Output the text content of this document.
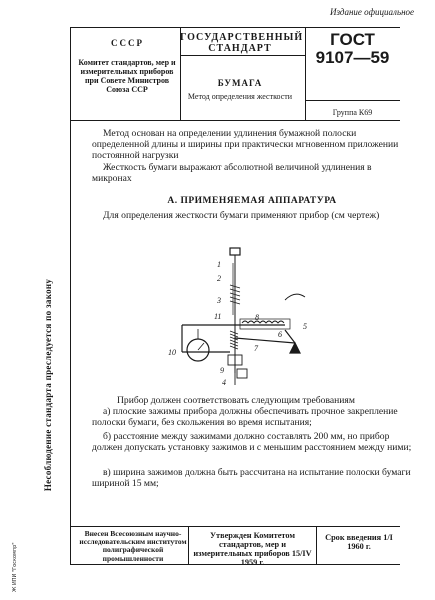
Издание официальное
СССР
Комитет стандартов, мер и измерительных приборов при Совете Министров Союза ССР
ГОСУДАРСТВЕННЫЙ СТАНДАРТ
БУМАГА
Метод определения жесткости
ГОСТ
9107—59
Группа К69
Метод основан на определении удлинения бумажной полоски определенной длины и ширины при практически мгновенном приложении постоянной нагрузки
Жесткость бумаги выражают абсолютной величиной удлинения в микронах
А. ПРИМЕНЯЕМАЯ АППАРАТУРА
Для определения жесткости бумаги применяют прибор (см чертеж)
1
2
3
4
5
6
7
8
9
10
11
Прибор должен соответствовать следующим требованиям
а) плоские зажимы прибора должны обеспечивать прочное закрепление полоски бумаги, без скольжения во время испытания;
б) расстояние между зажимами должно составлять 200 мм, но прибор должен допускать установку зажимов и с меньшим расстоянием между ними;
в) ширина зажимов должна быть рассчитана на испытание полоски бумаги шириной 15 мм;
Несоблюдение стандарта преследуется по закону
Ж ИПИ "Госкомпр"
Внесен Всесоюзным научно-исследовательским институтом полиграфической промышленности
Утвержден Комитетом стандартов, мер и измерительных приборов 15/IV 1959 г.
Срок введения 1/I 1960 г.
